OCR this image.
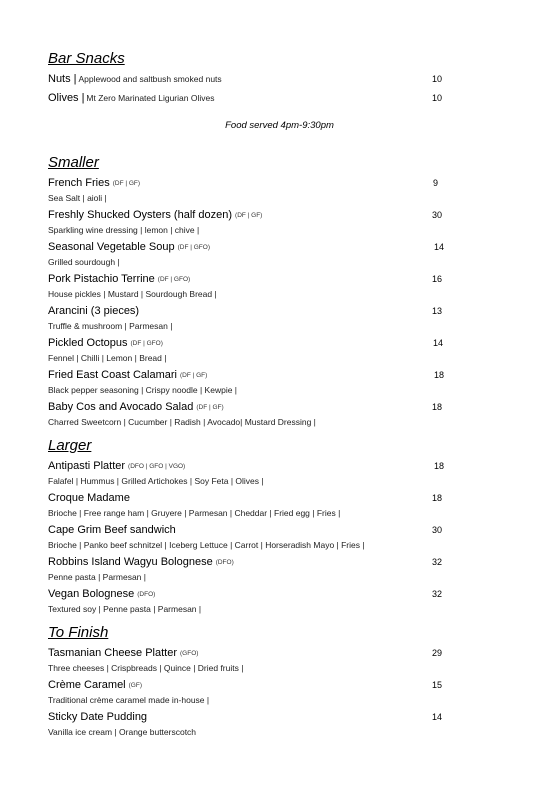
Bar Snacks
Nuts | Applewood and saltbush smoked nuts	10
Olives | Mt Zero Marinated Ligurian Olives	10
Food served 4pm-9:30pm
Smaller
French Fries (DF | GF)	9
Sea Salt | aioli |
Freshly Shucked Oysters (half dozen) (DF | GF)	30
Sparkling wine dressing | lemon | chive |
Seasonal Vegetable Soup (DF | GFO)	14
Grilled sourdough |
Pork Pistachio Terrine (DF | GFO)	16
House pickles | Mustard | Sourdough Bread |
Arancini (3 pieces)	13
Truffle & mushroom | Parmesan |
Pickled Octopus (DF | GFO)	14
Fennel | Chilli | Lemon | Bread |
Fried East Coast Calamari (DF | GF)	18
Black pepper seasoning | Crispy noodle | Kewpie |
Baby Cos and Avocado Salad (DF | GF)	18
Charred Sweetcorn | Cucumber | Radish | Avocado| Mustard Dressing |
Larger
Antipasti Platter (DFO | GFO | VGO)	18
Falafel | Hummus | Grilled Artichokes | Soy Feta | Olives |
Croque Madame	18
Brioche | Free range ham | Gruyere | Parmesan | Cheddar | Fried egg | Fries |
Cape Grim Beef sandwich	30
Brioche | Panko beef schnitzel | Iceberg Lettuce | Carrot | Horseradish Mayo | Fries |
Robbins Island Wagyu Bolognese (DFO)	32
Penne pasta | Parmesan |
Vegan Bolognese (DFO)	32
Textured soy | Penne pasta | Parmesan |
To Finish
Tasmanian Cheese Platter (GFO)	29
Three cheeses | Crispbreads | Quince | Dried fruits |
Crème Caramel (GF)	15
Traditional crème caramel made in-house |
Sticky Date Pudding	14
Vanilla ice cream | Orange butterscotch
